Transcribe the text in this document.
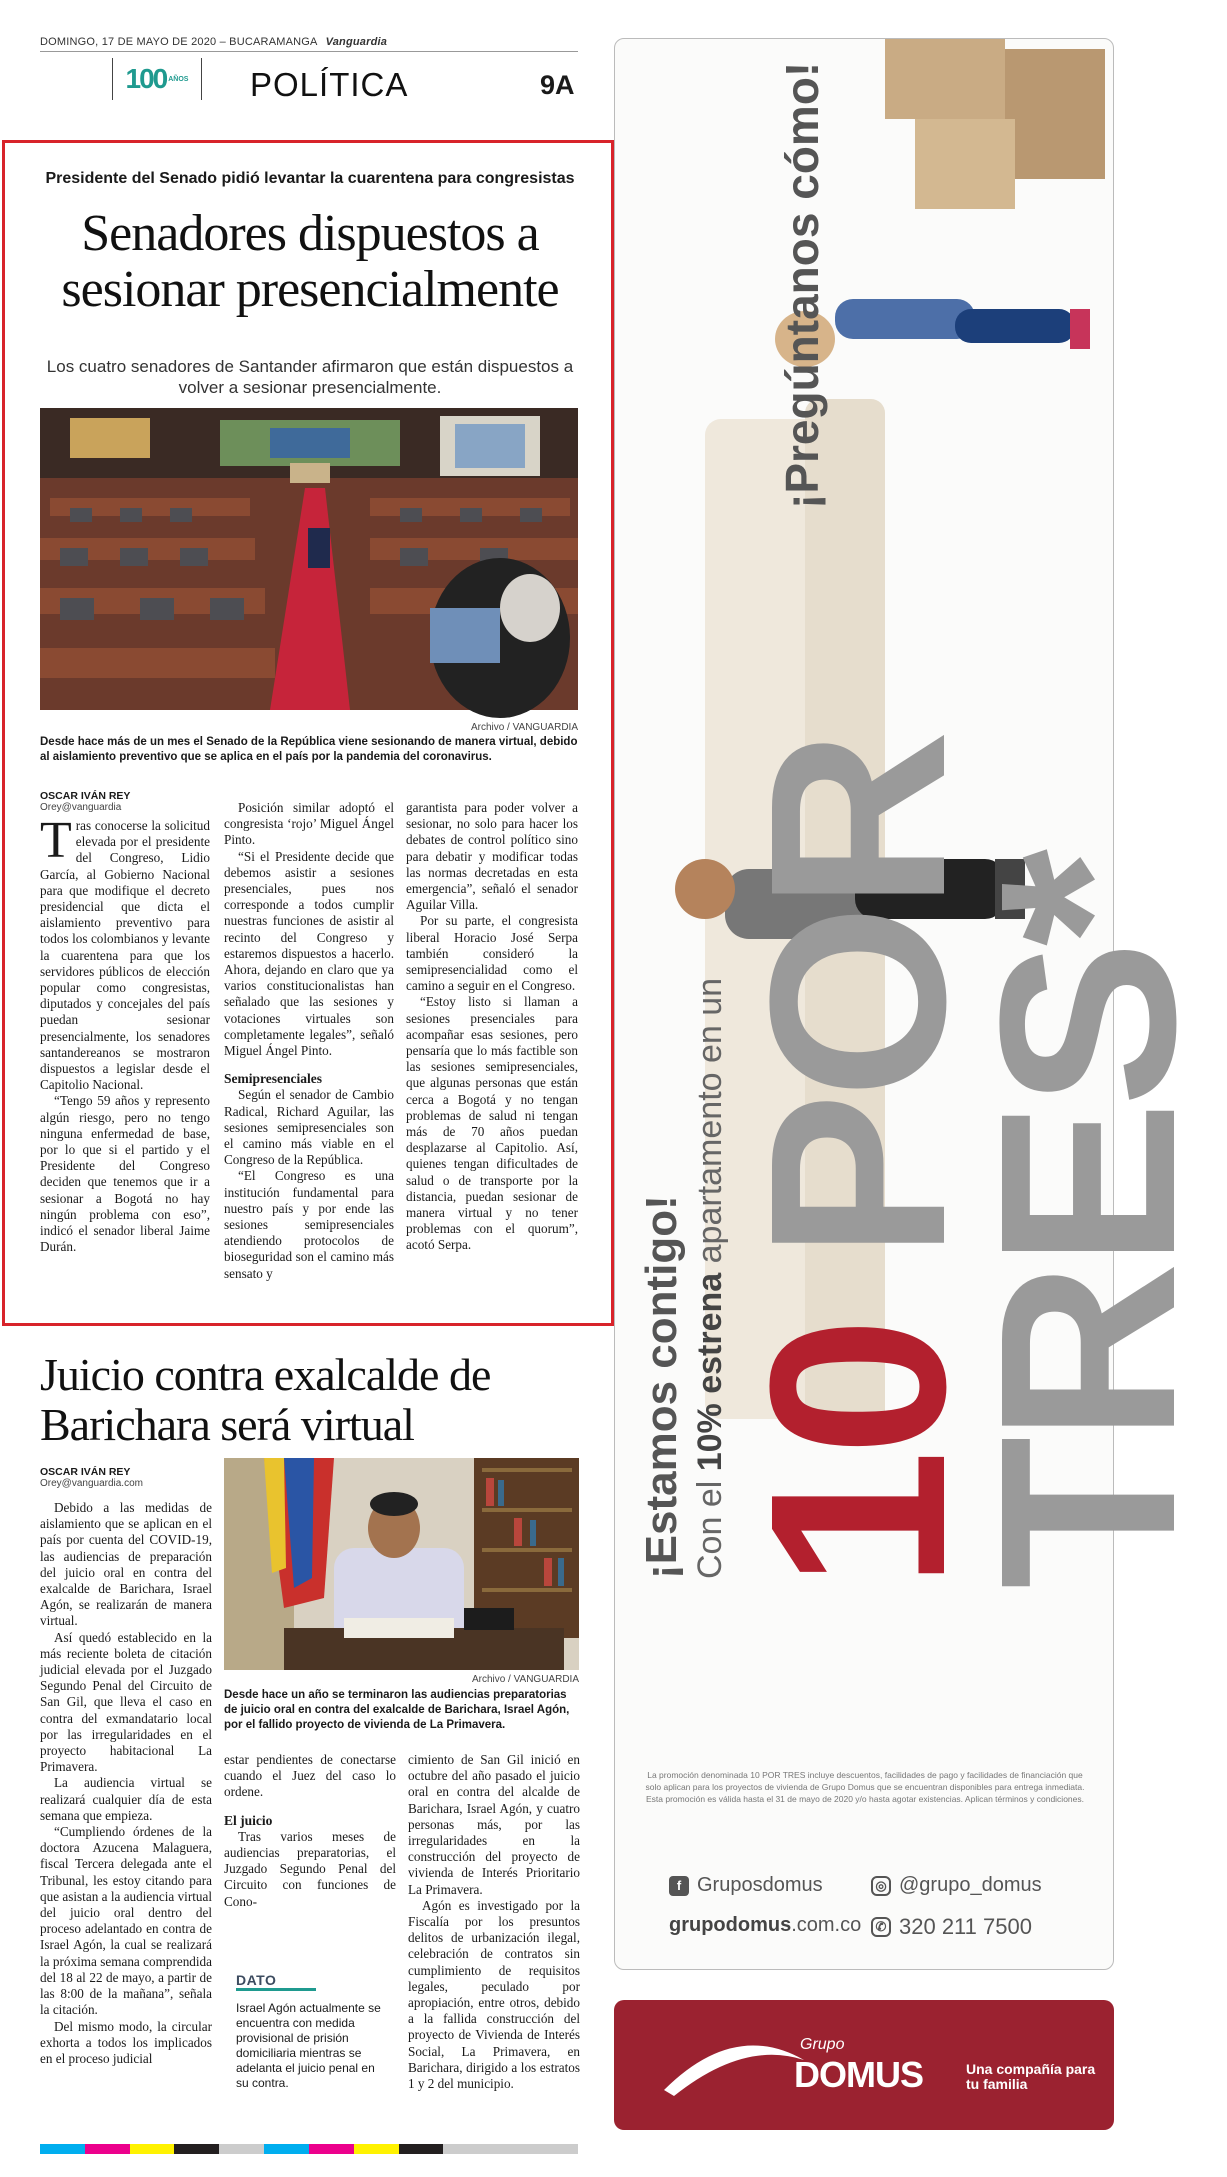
DOMINGO, 17 DE MAYO DE 2020 – BUCARAMANGA Vanguardia
100 AÑOS POLÍTICA	9A
Presidente del Senado pidió levantar la cuarentena para congresistas
Senadores dispuestos a sesionar presencialmente
Los cuatro senadores de Santander afirmaron que están dispuestos a volver a sesionar presencialmente.
Archivo / VANGUARDIA
Desde hace más de un mes el Senado de la República viene sesionando de manera virtual, debido al aislamiento preventivo que se aplica en el país por la pandemia del coronavirus.
OSCAR IVÁN REY
Orey@vanguardia

Tras conocerse la solicitud elevada por el presidente del Congreso, Lidio García, al Gobierno Nacional para que modifique el decreto presidencial que dicta el aislamiento preventivo para todos los colombianos y levante la cuarentena para que los servidores públicos de elección popular como congresistas, diputados y concejales del país puedan sesionar presencialmente, los senadores santandereanos se mostraron dispuestos a legislar desde el Capitolio Nacional.

“Tengo 59 años y represento algún riesgo, pero no tengo ninguna enfermedad de base, por lo que si el partido y el Presidente del Congreso deciden que tenemos que ir a sesionar a Bogotá no hay ningún problema con eso”, indicó el senador liberal Jaime Durán.

Posición similar adoptó el congresista ‘rojo’ Miguel Ángel Pinto.

“Si el Presidente decide que debemos asistir a sesiones presenciales, pues nos corresponde a todos cumplir nuestras funciones de asistir al recinto del Congreso y estaremos dispuestos a hacerlo. Ahora, dejando en claro que ya varios constitucionalistas han señalado que las sesiones y votaciones virtuales son completamente legales”, señaló Miguel Ángel Pinto.

Semipresenciales

Según el senador de Cambio Radical, Richard Aguilar, las sesiones semipresenciales son el camino más viable en el Congreso de la República.

“El Congreso es una institución fundamental para nuestro país y por ende las sesiones semipresenciales atendiendo protocolos de bioseguridad son el camino más sensato y

garantista para poder volver a sesionar, no solo para hacer los debates de control político sino para debatir y modificar todas las normas decretadas en esta emergencia”, señaló el senador Aguilar Villa.

Por su parte, el congresista liberal Horacio José Serpa también consideró la semipresencialidad como el camino a seguir en el Congreso.

“Estoy listo si llaman a sesiones presenciales para acompañar esas sesiones, pero pensaría que lo más factible son las sesiones semipresenciales, que algunas personas que están cerca a Bogotá y no tengan problemas de salud ni tengan más de 70 años puedan desplazarse al Capitolio. Así, quienes tengan dificultades de salud o de transporte por la distancia, puedan sesionar de manera virtual y no tener problemas con el quorum”, acotó Serpa.

Juicio contra exalcalde de Barichara será virtual
OSCAR IVÁN REY
Orey@vanguardia.com

Debido a las medidas de aislamiento que se aplican en el país por cuenta del COVID-19, las audiencias de preparación del juicio oral en contra del exalcalde de Barichara, Israel Agón, se realizarán de manera virtual.

Así quedó establecido en la más reciente boleta de citación judicial elevada por el Juzgado Segundo Penal del Circuito de San Gil, que lleva el caso en contra del exmandatario local por las irregularidades en el proyecto habitacional La Primavera.

La audiencia virtual se realizará cualquier día de esta semana que empieza.

“Cumpliendo órdenes de la doctora Azucena Malaguera, fiscal Tercera delegada ante el Tribunal, les estoy citando para que asistan a la audiencia virtual del juicio oral dentro del proceso adelantado en contra de Israel Agón, la cual se realizará la próxima semana comprendida del 18 al 22 de mayo, a partir de las 8:00 de la mañana”, señala la citación.

Del mismo modo, la circular exhorta a todos los implicados en el proceso judicial

Archivo / VANGUARDIA
Desde hace un año se terminaron las audiencias preparatorias de juicio oral en contra del exalcalde de Barichara, Israel Agón, por el fallido proyecto de vivienda de La Primavera.

estar pendientes de conectarse cuando el Juez del caso lo ordene.

El juicio

Tras varios meses de audiencias preparatorias, el Juzgado Segundo Penal del Circuito con funciones de Cono-

cimiento de San Gil inició en octubre del año pasado el juicio oral en contra del alcalde de Barichara, Israel Agón, y cuatro personas más, por las irregularidades en la construcción del proyecto de vivienda de Interés Prioritario La Primavera.

Agón es investigado por la Fiscalía por los presuntos delitos de urbanización ilegal, celebración de contratos sin cumplimiento de requisitos legales, peculado por apropiación, entre otros, debido a la fallida construcción del proyecto de Vivienda de Interés Social, La Primavera, en Barichara, dirigido a los estratos 1 y 2 del municipio.

DATO
Israel Agón actualmente se encuentra con medida provisional de prisión domiciliaria mientras se adelanta el juicio penal en su contra.
¡Estamos contigo! Con el 10% estrena apartamento en un
10 POR TRES*
¡Pregúntanos cómo!
La promoción denominada 10 POR TRES incluye descuentos, facilidades de pago y facilidades de financiación que solo aplican para los proyectos de vivienda de Grupo Domus que se encuentran disponibles para entrega inmediata. Esta promoción es válida hasta el 31 de mayo de 2020 y/o hasta agotar existencias. Aplican términos y condiciones.
f Gruposdomus	◎ @grupo_domus
grupodomus.com.co	✆ 320 211 7500
Grupo
DOMUS	Una compañía para tu familia
